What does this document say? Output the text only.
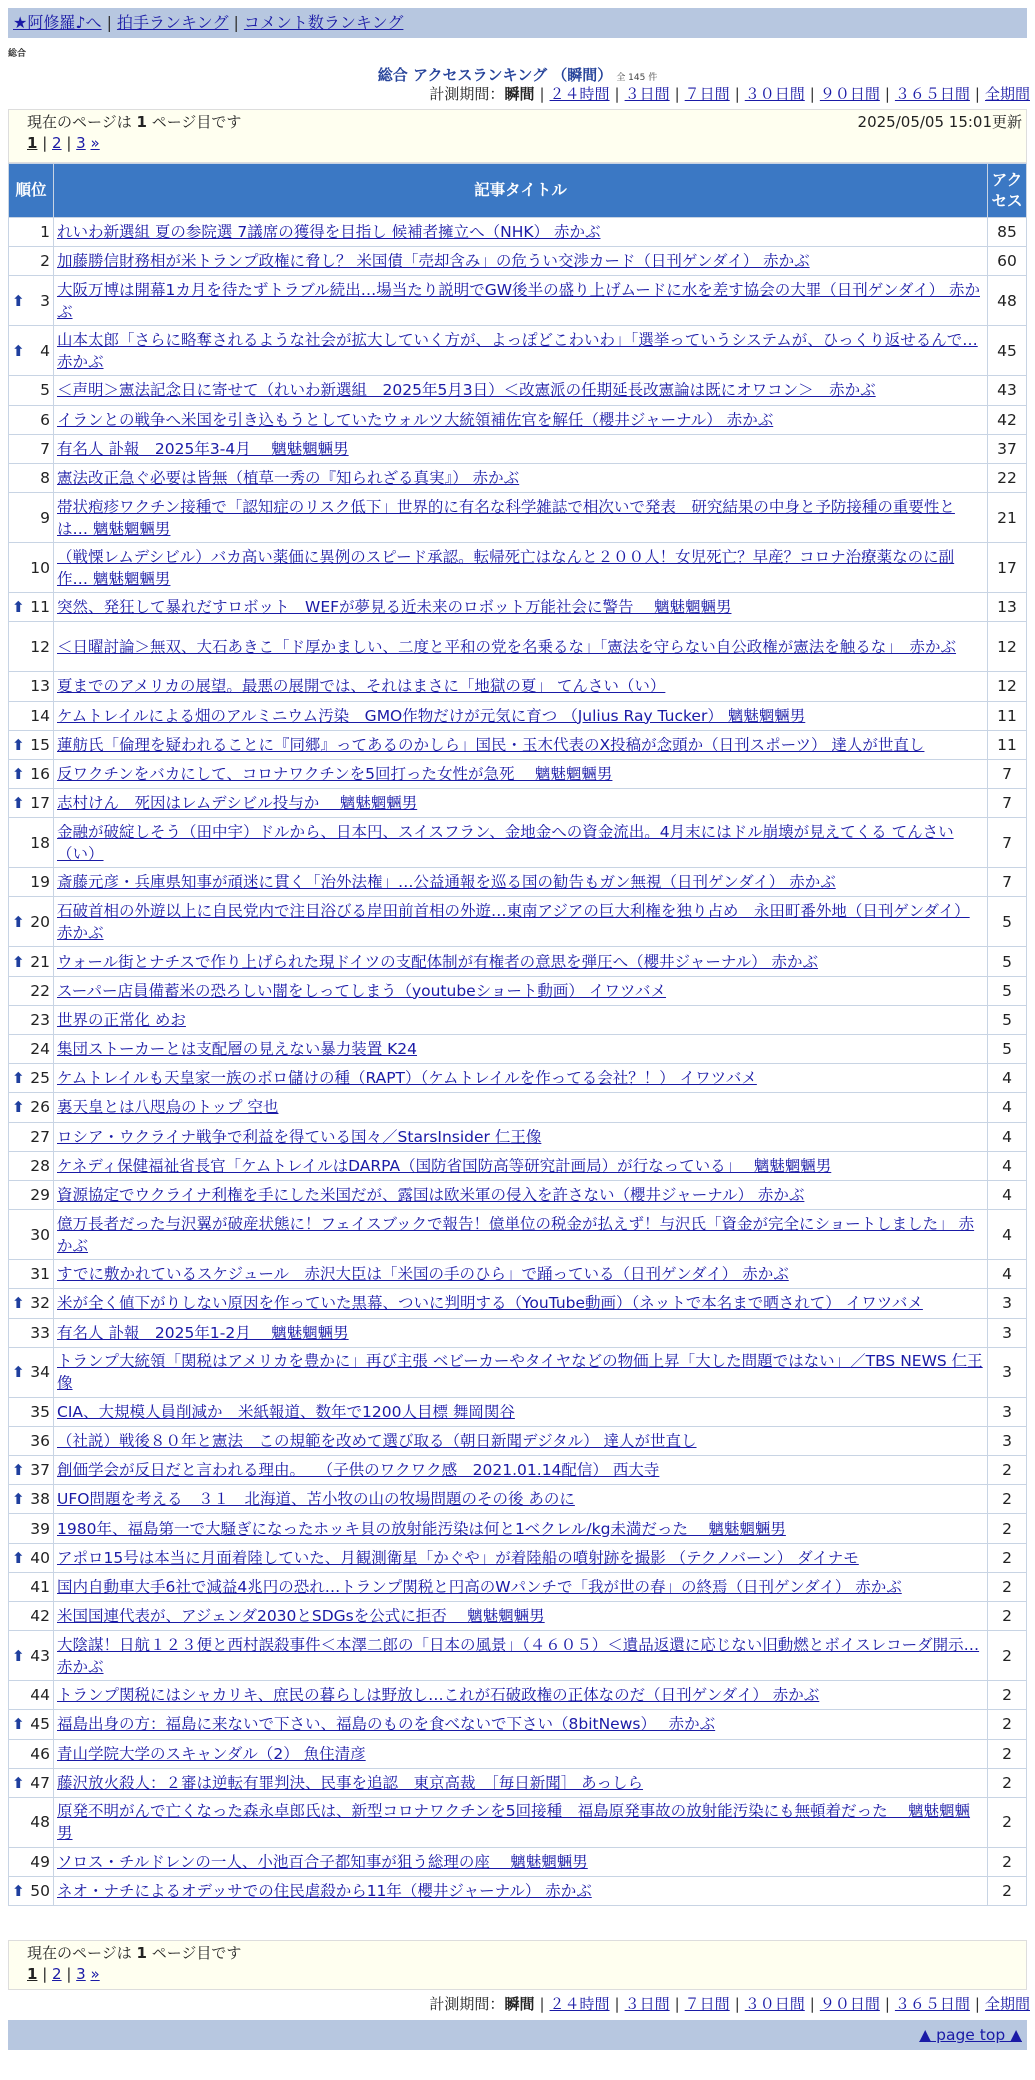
★阿修羅♪へ | 拍手ランキング | コメント数ランキング
総合
総合 アクセスランキング （瞬間） 全 145 件
計測期間：瞬間 | ２４時間 | ３日間 | ７日間 | ３０日間 | ９０日間 | ３６５日間 | 全期間
現在のページは 1 ページ目です	2025/05/05 15:01更新
1 | 2 | 3 »
順位	記事タイトル	アクセス
1	れいわ新選組 夏の参院選 7議席の獲得を目指し 候補者擁立へ（NHK） 赤かぶ	85
2	加藤勝信財務相が米トランプ政権に脅し？ 米国債「売却含み」の危うい交渉カード（日刊ゲンダイ） 赤かぶ	60

⬆ 3	大阪万博は開幕1カ月を待たずトラブル続出…場当たり説明でGW後半の盛り上げムードに水を差す協会の大罪（日刊ゲンダイ） 赤かぶ	48

⬆ 4	山本太郎「さらに略奪されるような社会が拡大していく方が、よっぽどこわいわ」「選挙っていうシステムが、ひっくり返せるんで… 赤かぶ	45
5	＜声明＞憲法記念日に寄せて（れいわ新選組　2025年5月3日）＜改憲派の任期延長改憲論は既にオワコン＞　赤かぶ	43
6	イランとの戦争へ米国を引き込もうとしていたウォルツ大統領補佐官を解任（櫻井ジャーナル） 赤かぶ	42
7	有名人 訃報　2025年3-4月　 魑魅魍魎男	37
8	憲法改正急ぐ必要は皆無（植草一秀の『知られざる真実』） 赤かぶ	22
9	帯状疱疹ワクチン接種で「認知症のリスク低下」世界的に有名な科学雑誌で相次いで発表　研究結果の中身と予防接種の重要性とは… 魑魅魍魎男	21
10	（戦慄レムデシビル）バカ高い薬価に異例のスピード承認。転帰死亡はなんと２００人！女児死亡？早産？コロナ治療薬なのに副作… 魑魅魍魎男	17

⬆ 11	突然、発狂して暴れだすロボット　WEFが夢見る近未来のロボット万能社会に警告　 魑魅魍魎男	13
12	＜日曜討論＞無双、大石あきこ「ド厚かましい、二度と平和の党を名乗るな」「憲法を守らない自公政権が憲法を触るな」　赤かぶ	12
13	夏までのアメリカの展望。最悪の展開では、それはまさに「地獄の夏」 てんさい（い）	12
14	ケムトレイルによる畑のアルミニウム汚染　GMO作物だけが元気に育つ （Julius Ray Tucker） 魑魅魍魎男	11

⬆ 15	蓮舫氏「倫理を疑われることに『同郷』ってあるのかしら」国民・玉木代表のX投稿が念頭か（日刊スポーツ） 達人が世直し	11

⬆ 16	反ワクチンをバカにして、コロナワクチンを5回打った女性が急死　 魑魅魍魎男	7

⬆ 17	志村けん　死因はレムデシビル投与か　 魑魅魍魎男	7
18	金融が破綻しそう（田中宇）ドルから、日本円、スイスフラン、金地金への資金流出。4月末にはドル崩壊が見えてくる てんさい（い）	7
19	斎藤元彦・兵庫県知事が頑迷に貫く「治外法権」…公益通報を巡る国の勧告もガン無視（日刊ゲンダイ） 赤かぶ	7

⬆ 20	石破首相の外遊以上に自民党内で注目浴びる岸田前首相の外遊…東南アジアの巨大利権を独り占め　永田町番外地（日刊ゲンダイ） 赤かぶ	5

⬆ 21	ウォール街とナチスで作り上げられた現ドイツの支配体制が有権者の意思を弾圧へ（櫻井ジャーナル） 赤かぶ	5
22	スーパー店員備蓄米の恐ろしい闇をしってしまう（youtubeショート動画） イワツバメ	5
23	世界の正常化 めお	5
24	集団ストーカーとは支配層の見えない暴力装置 K24	5

⬆ 25	ケムトレイルも天皇家一族のボロ儲けの種（RAPT）（ケムトレイルを作ってる会社？！） イワツバメ	4

⬆ 26	裏天皇とは八咫烏のトップ 空也	4
27	ロシア・ウクライナ戦争で利益を得ている国々／StarsInsider 仁王像	4
28	ケネディ保健福祉省長官「ケムトレイルはDARPA（国防省国防高等研究計画局）が行なっている」　 魑魅魍魎男	4
29	資源協定でウクライナ利権を手にした米国だが、露国は欧米軍の侵入を許さない（櫻井ジャーナル） 赤かぶ	4
30	億万長者だった与沢翼が破産状態に！フェイスブックで報告！億単位の税金が払えず！与沢氏「資金が完全にショートしました」 赤かぶ	4
31	すでに敷かれているスケジュール　赤沢大臣は「米国の手のひら」で踊っている（日刊ゲンダイ） 赤かぶ	4

⬆ 32	米が全く値下がりしない原因を作っていた黒幕、ついに判明する（YouTube動画）（ネットで本名まで晒されて） イワツバメ	3
33	有名人 訃報　2025年1-2月　 魑魅魍魎男	3

⬆ 34	トランプ大統領「関税はアメリカを豊かに」再び主張 ベビーカーやタイヤなどの物価上昇「大した問題ではない」／TBS NEWS 仁王像	3
35	CIA、大規模人員削減か　米紙報道、数年で1200人目標 舞岡関谷	3
36	（社説）戦後８０年と憲法　この規範を改めて選び取る（朝日新聞デジタル） 達人が世直し	3

⬆ 37	創価学会が反日だと言われる理由。　 （子供のワクワク感　2021.01.14配信） 西大寺	2

⬆ 38	UFO問題を考える　３１　北海道、苫小牧の山の牧場問題のその後 あのに	2
39	1980年、福島第一で大騒ぎになったホッキ貝の放射能汚染は何と1ベクレル/kg未満だった　 魑魅魍魎男	2

⬆ 40	アポロ15号は本当に月面着陸していた、月観測衛星「かぐや」が着陸船の噴射跡を撮影 （テクノバーン） ダイナモ	2
41	国内自動車大手6社で減益4兆円の恐れ…トランプ関税と円高のWパンチで「我が世の春」の終焉（日刊ゲンダイ） 赤かぶ	2
42	米国国連代表が、アジェンダ2030とSDGsを公式に拒否　 魑魅魍魎男	2

⬆ 43	大陰謀！日航１２３便と西村誤殺事件＜本澤二郎の「日本の風景」（４６０５）＜遺品返還に応じない旧動燃とボイスレコーダ開示… 赤かぶ	2
44	トランプ関税にはシャカリキ、庶民の暮らしは野放し…これが石破政権の正体なのだ（日刊ゲンダイ） 赤かぶ	2

⬆ 45	福島出身の方：福島に来ないで下さい、福島のものを食べないで下さい（8bitNews）　 赤かぶ	2
46	青山学院大学のスキャンダル（2） 魚住清彦	2

⬆ 47	藤沢放火殺人：２審は逆転有罪判決、民事を追認　東京高裁　［毎日新聞］ あっしら	2
48	原発不明がんで亡くなった森永卓郎氏は、新型コロナワクチンを5回接種　福島原発事故の放射能汚染にも無頓着だった　 魑魅魍魎男	2
49	ソロス・チルドレンの一人、小池百合子都知事が狙う総理の座　 魑魅魍魎男	2

⬆ 50	ネオ・ナチによるオデッサでの住民虐殺から11年（櫻井ジャーナル） 赤かぶ	2
現在のページは 1 ページ目です
1 | 2 | 3 »
計測期間：瞬間 | ２４時間 | ３日間 | ７日間 | ３０日間 | ９０日間 | ３６５日間 | 全期間
▲ page top ▲
